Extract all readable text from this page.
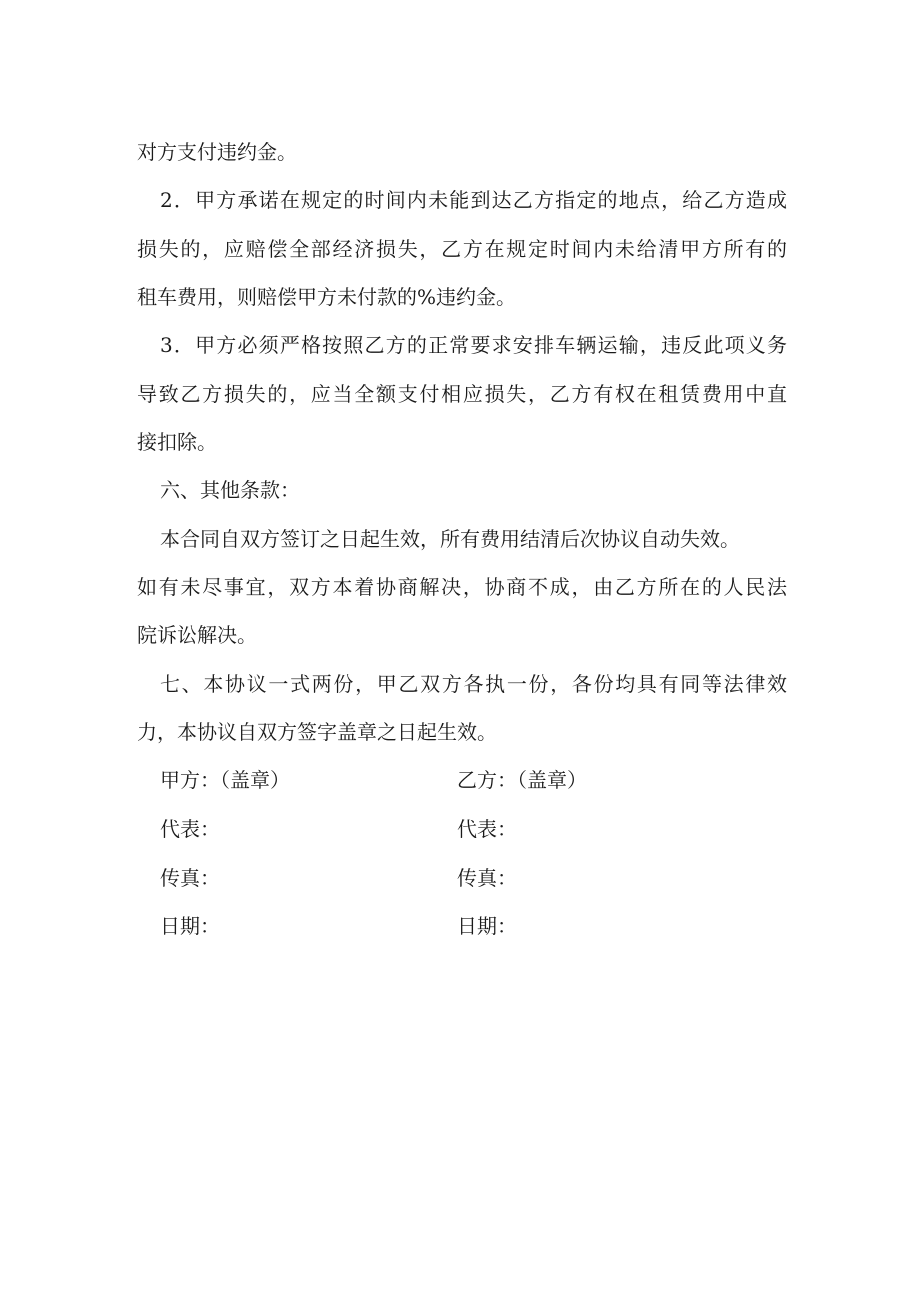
对方支付违约金。
2．甲方承诺在规定的时间内未能到达乙方指定的地点，给乙方造成
损失的，应赔偿全部经济损失，乙方在规定时间内未给清甲方所有的
租车费用，则赔偿甲方未付款的%违约金。
3．甲方必须严格按照乙方的正常要求安排车辆运输，违反此项义务
导致乙方损失的，应当全额支付相应损失，乙方有权在租赁费用中直
接扣除。
六、其他条款：
本合同自双方签订之日起生效，所有费用结清后次协议自动失效。
如有未尽事宜，双方本着协商解决，协商不成，由乙方所在的人民法
院诉讼解决。
七、本协议一式两份，甲乙双方各执一份，各份均具有同等法律效
力，本协议自双方签字盖章之日起生效。
甲方：（盖章）	乙方：（盖章）
代表：	代表：
传真：	传真：
日期：	日期：
